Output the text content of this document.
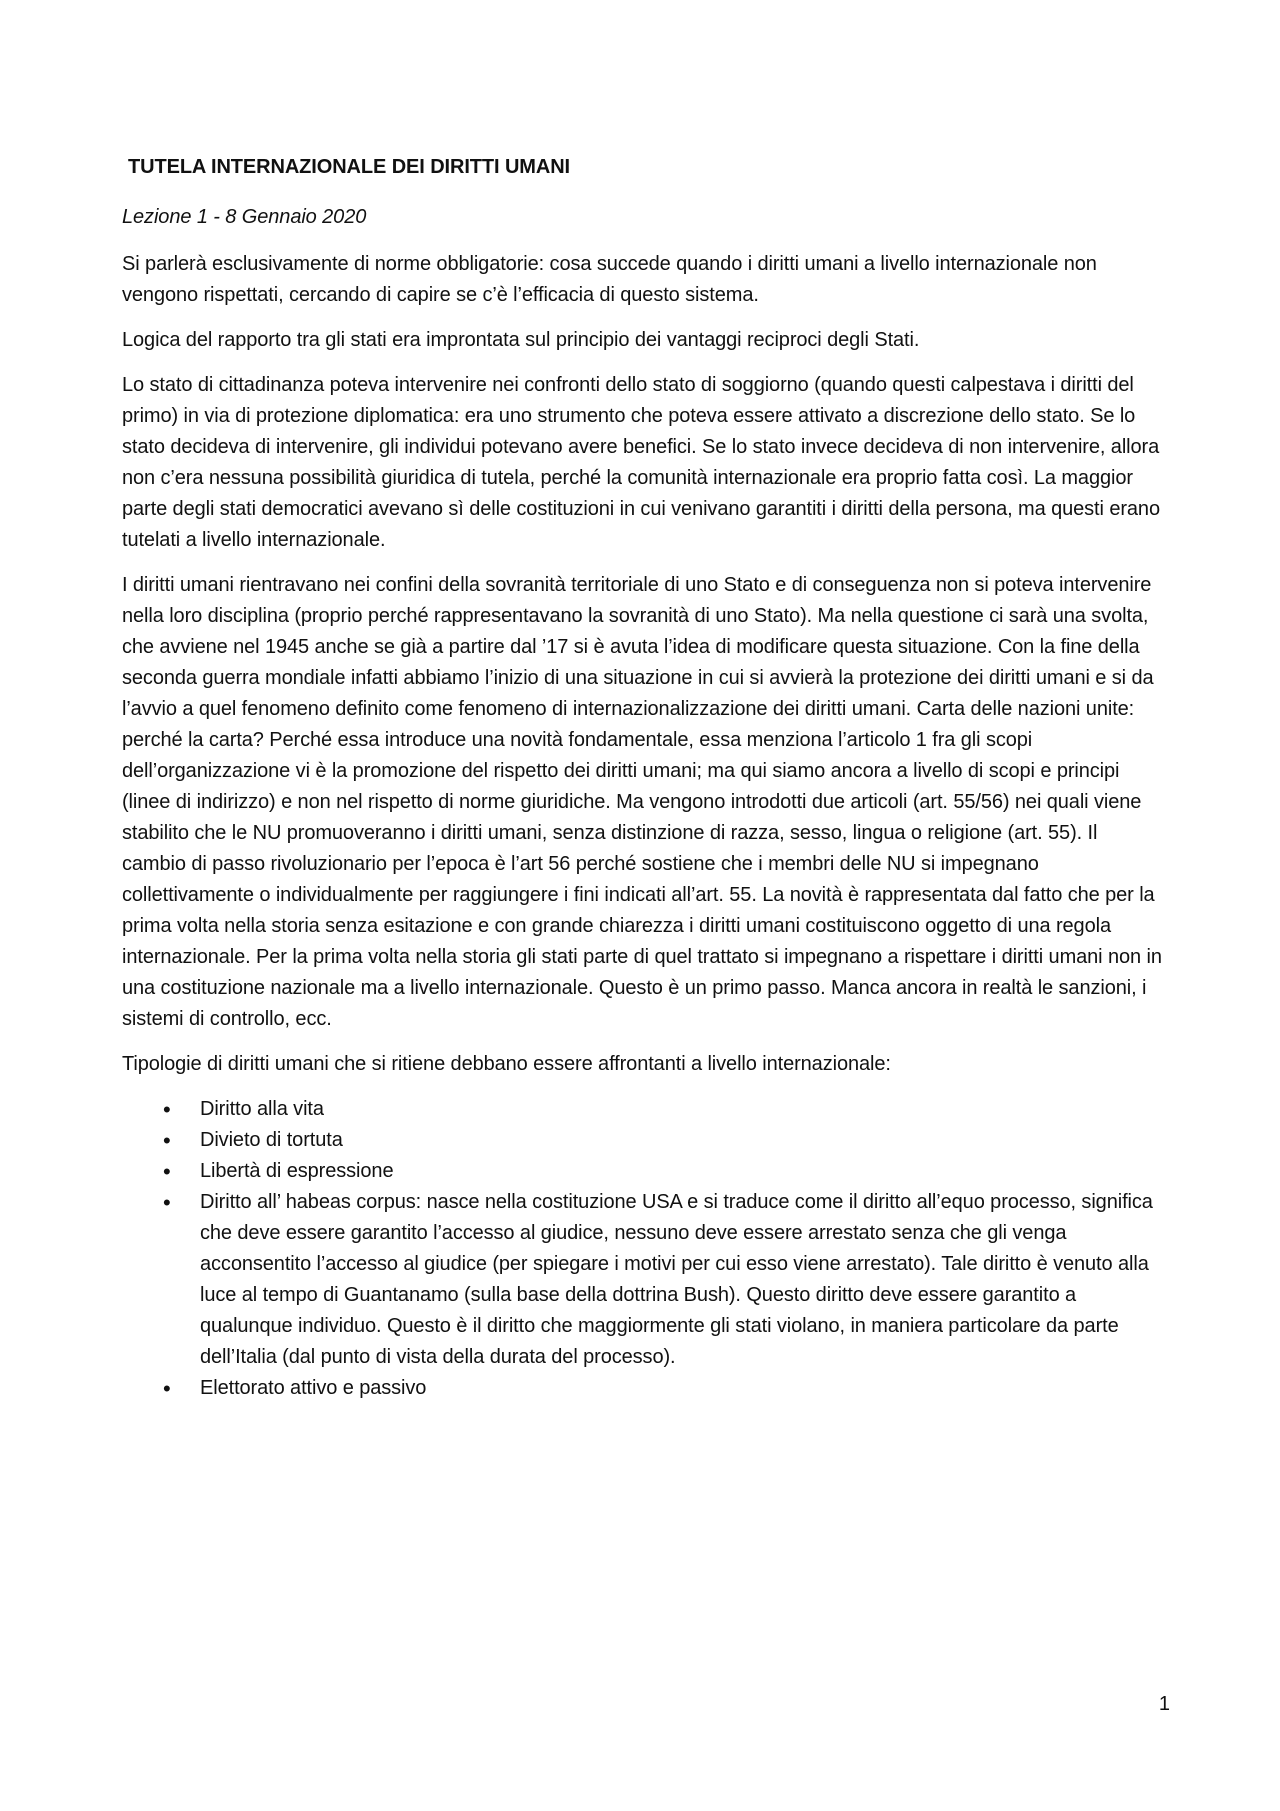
TUTELA INTERNAZIONALE DEI DIRITTI UMANI
Lezione 1 - 8 Gennaio 2020

Si parlerà esclusivamente di norme obbligatorie: cosa succede quando i diritti umani a livello internazionale non vengono rispettati, cercando di capire se c’è l’efficacia di questo sistema.

Logica del rapporto tra gli stati era improntata sul principio dei vantaggi reciproci degli Stati.

Lo stato di cittadinanza poteva intervenire nei confronti dello stato di soggiorno (quando questi calpestava i diritti del primo) in via di protezione diplomatica: era uno strumento che poteva essere attivato a discrezione dello stato. Se lo stato decideva di intervenire, gli individui potevano avere benefici. Se lo stato invece decideva di non intervenire, allora non c’era nessuna possibilità giuridica di tutela, perché la comunità internazionale era proprio fatta così. La maggior parte degli stati democratici avevano sì delle costituzioni in cui venivano garantiti i diritti della persona, ma questi erano tutelati a livello internazionale.

I diritti umani rientravano nei confini della sovranità territoriale di uno Stato e di conseguenza non si poteva intervenire nella loro disciplina (proprio perché rappresentavano la sovranità di uno Stato). Ma nella questione ci sarà una svolta, che avviene nel 1945 anche se già a partire dal ’17 si è avuta l’idea di modificare questa situazione. Con la fine della seconda guerra mondiale infatti abbiamo l’inizio di una situazione in cui si avvierà la protezione dei diritti umani e si da l’avvio a quel fenomeno definito come fenomeno di internazionalizzazione dei diritti umani. Carta delle nazioni unite: perché la carta? Perché essa introduce una novità fondamentale, essa menziona l’articolo 1 fra gli scopi dell’organizzazione vi è la promozione del rispetto dei diritti umani; ma qui siamo ancora a livello di scopi e principi (linee di indirizzo) e non nel rispetto di norme giuridiche. Ma vengono introdotti due articoli (art. 55/56) nei quali viene stabilito che le NU promuoveranno i diritti umani, senza distinzione di razza, sesso, lingua o religione (art. 55). Il cambio di passo rivoluzionario per l’epoca è l’art 56 perché sostiene che i membri delle NU si impegnano collettivamente o individualmente per raggiungere i fini indicati all’art. 55. La novità è rappresentata dal fatto che per la prima volta nella storia senza esitazione e con grande chiarezza i diritti umani costituiscono oggetto di una regola internazionale. Per la prima volta nella storia gli stati parte di quel trattato si impegnano a rispettare i diritti umani non in una costituzione nazionale ma a livello internazionale. Questo è un primo passo. Manca ancora in realtà le sanzioni, i sistemi di controllo, ecc.

Tipologie di diritti umani che si ritiene debbano essere affrontanti a livello internazionale:

• Diritto alla vita
• Divieto di tortuta
• Libertà di espressione
• Diritto all’ habeas corpus: nasce nella costituzione USA e si traduce come il diritto all’equo processo, significa che deve essere garantito l’accesso al giudice, nessuno deve essere arrestato senza che gli venga acconsentito l’accesso al giudice (per spiegare i motivi per cui esso viene arrestato). Tale diritto è venuto alla luce al tempo di Guantanamo (sulla base della dottrina Bush). Questo diritto deve essere garantito a qualunque individuo. Questo è il diritto che maggiormente gli stati violano, in maniera particolare da parte dell’Italia (dal punto di vista della durata del processo).
• Elettorato attivo e passivo
1
